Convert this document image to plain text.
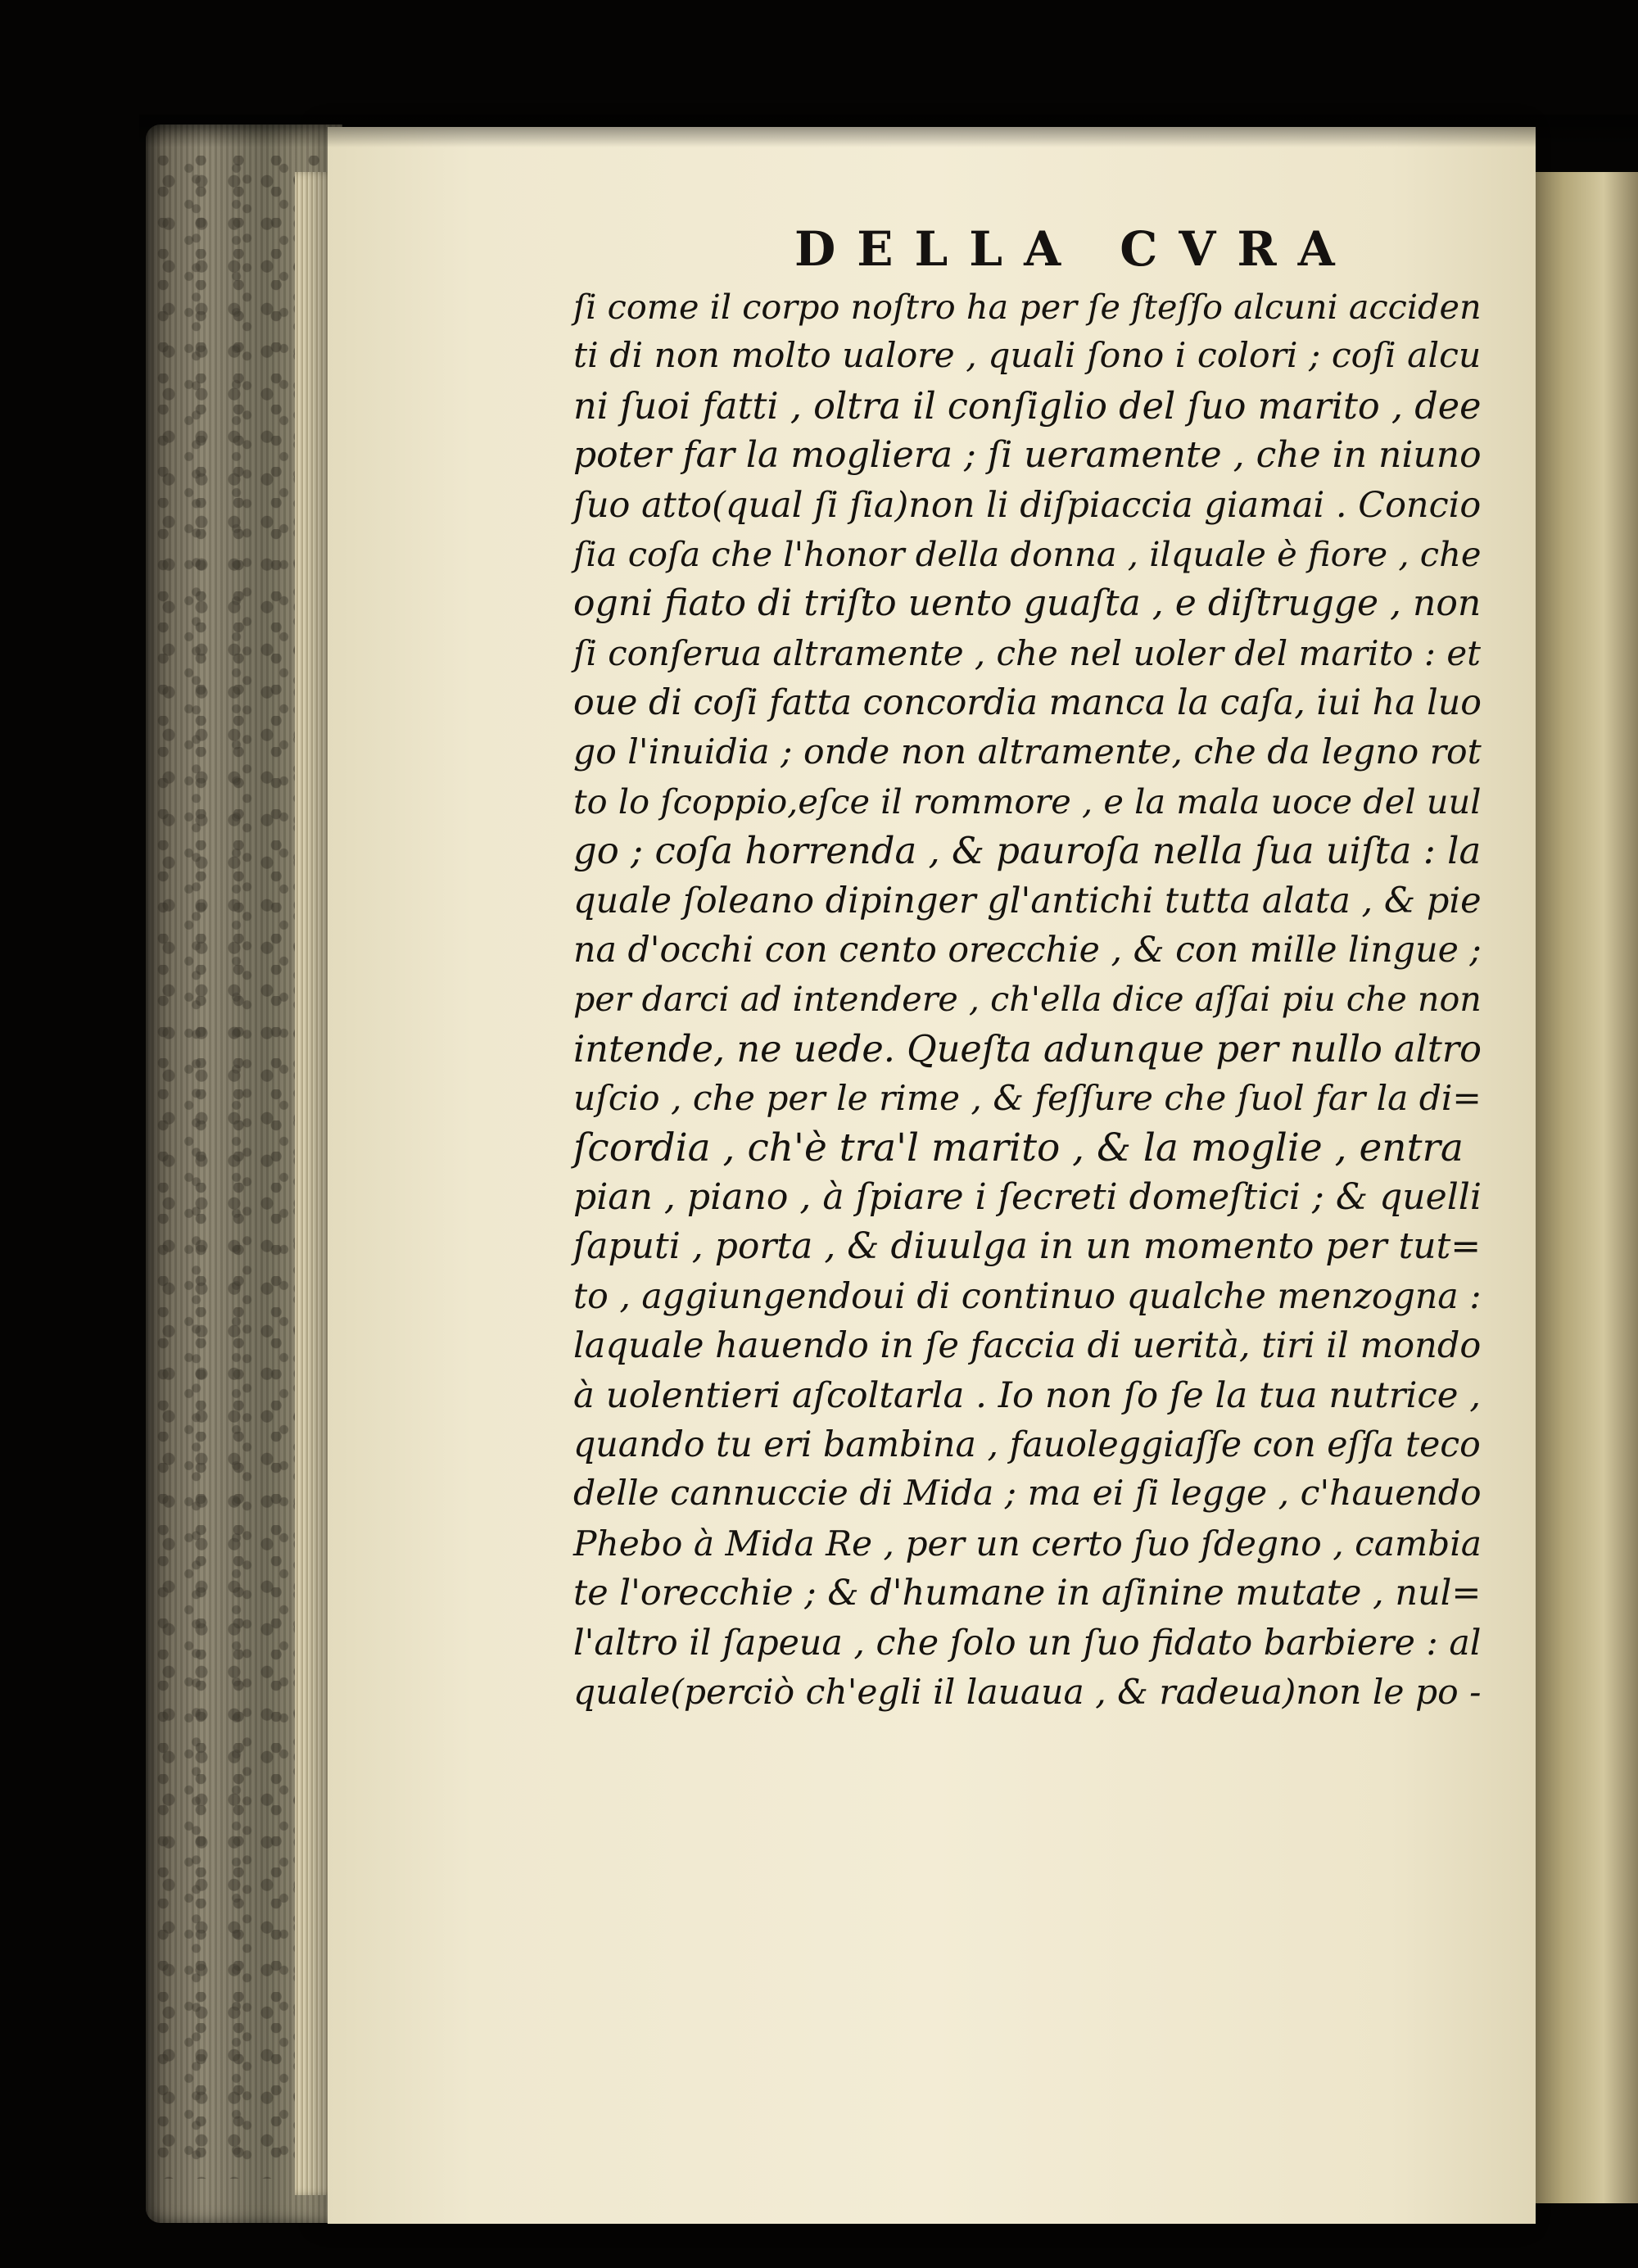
DELLA CVRA
ſi come il corpo noſtro ha per ſe ſteſſo alcuni acciden
ti di non molto ualore , quali ſono i colori ; coſi alcu
ni ſuoi fatti , oltra il conſiglio del ſuo marito , dee
poter far la mogliera ; ſi ueramente , che in niuno
ſuo atto(qual ſi ſia)non li diſpiaccia giamai . Concio
ſia coſa che l'honor della donna , ilquale è fiore , che
ogni fiato di triſto uento guaſta , e diſtrugge , non
ſi conſerua altramente , che nel uoler del marito : et
oue di coſi fatta concordia manca la caſa, iui ha luo
go l'inuidia ; onde non altramente, che da legno rot
to lo ſcoppio,eſce il rommore , e la mala uoce del uul
go ; coſa horrenda , & pauroſa nella ſua uiſta : la
quale ſoleano dipinger gl'antichi tutta alata , & pie
na d'occhi con cento orecchie , & con mille lingue ;
per darci ad intendere , ch'ella dice aſſai piu che non
intende, ne uede. Queſta adunque per nullo altro
uſcio , che per le rime , & feſſure che ſuol far la di=
ſcordia , ch'è tra'l marito , & la moglie , entra
pian , piano , à ſpiare i ſecreti domeſtici ; & quelli
ſaputi , porta , & diuulga in un momento per tut=
to , aggiungendoui di continuo qualche menzogna :
laquale hauendo in ſe faccia di uerità, tiri il mondo
à uolentieri aſcoltarla . Io non ſo ſe la tua nutrice ,
quando tu eri bambina , fauoleggiaſſe con eſſa teco
delle cannuccie di Mida ; ma ei ſi legge , c'hauendo
Phebo à Mida Re , per un certo ſuo ſdegno , cambia
te l'orecchie ; & d'humane in aſinine mutate , nul=
l'altro il ſapeua , che ſolo un ſuo fidato barbiere : al
quale(perciò ch'egli il lauaua , & radeua)non le po -
